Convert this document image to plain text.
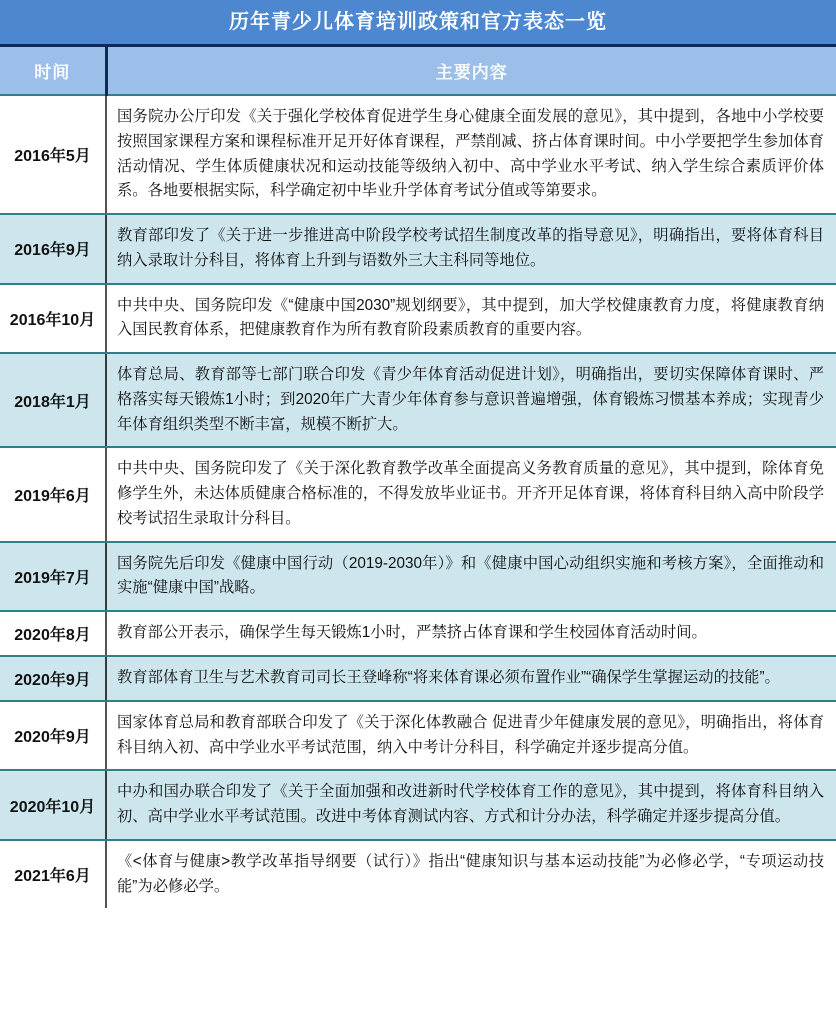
历年青少儿体育培训政策和官方表态一览
时间	主要内容
2016年5月	国务院办公厅印发《关于强化学校体育促进学生身心健康全面发展的意见》，其中提到，各地中小学校要按照国家课程方案和课程标准开足开好体育课程，严禁削减、挤占体育课时间。中小学要把学生参加体育活动情况、学生体质健康状况和运动技能等级纳入初中、高中学业水平考试、纳入学生综合素质评价体系。各地要根据实际，科学确定初中毕业升学体育考试分值或等第要求。
2016年9月	教育部印发了《关于进一步推进高中阶段学校考试招生制度改革的指导意见》，明确指出，要将体育科目纳入录取计分科目，将体育上升到与语数外三大主科同等地位。
2016年10月	中共中央、国务院印发《“健康中国2030”规划纲要》，其中提到，加大学校健康教育力度，将健康教育纳入国民教育体系，把健康教育作为所有教育阶段素质教育的重要内容。
2018年1月	体育总局、教育部等七部门联合印发《青少年体育活动促进计划》，明确指出，要切实保障体育课时、严格落实每天锻炼1小时；到2020年广大青少年体育参与意识普遍增强，体育锻炼习惯基本养成；实现青少年体育组织类型不断丰富，规模不断扩大。
2019年6月	中共中央、国务院印发了《关于深化教育教学改革全面提高义务教育质量的意见》，其中提到，除体育免修学生外，未达体质健康合格标准的，不得发放毕业证书。开齐开足体育课，将体育科目纳入高中阶段学校考试招生录取计分科目。
2019年7月	国务院先后印发《健康中国行动（2019-2030年）》和《健康中国心动组织实施和考核方案》，全面推动和实施“健康中国”战略。
2020年8月	教育部公开表示，确保学生每天锻炼1小时，严禁挤占体育课和学生校园体育活动时间。
2020年9月	教育部体育卫生与艺术教育司司长王登峰称“将来体育课必须布置作业”“确保学生掌握运动的技能”。
2020年9月	国家体育总局和教育部联合印发了《关于深化体教融合 促进青少年健康发展的意见》，明确指出，将体育科目纳入初、高中学业水平考试范围，纳入中考计分科目，科学确定并逐步提高分值。
2020年10月	中办和国办联合印发了《关于全面加强和改进新时代学校体育工作的意见》，其中提到，将体育科目纳入初、高中学业水平考试范围。改进中考体育测试内容、方式和计分办法，科学确定并逐步提高分值。
2021年6月	《<体育与健康>教学改革指导纲要（试行）》指出“健康知识与基本运动技能”为必修必学，“专项运动技能”为必修必学。
